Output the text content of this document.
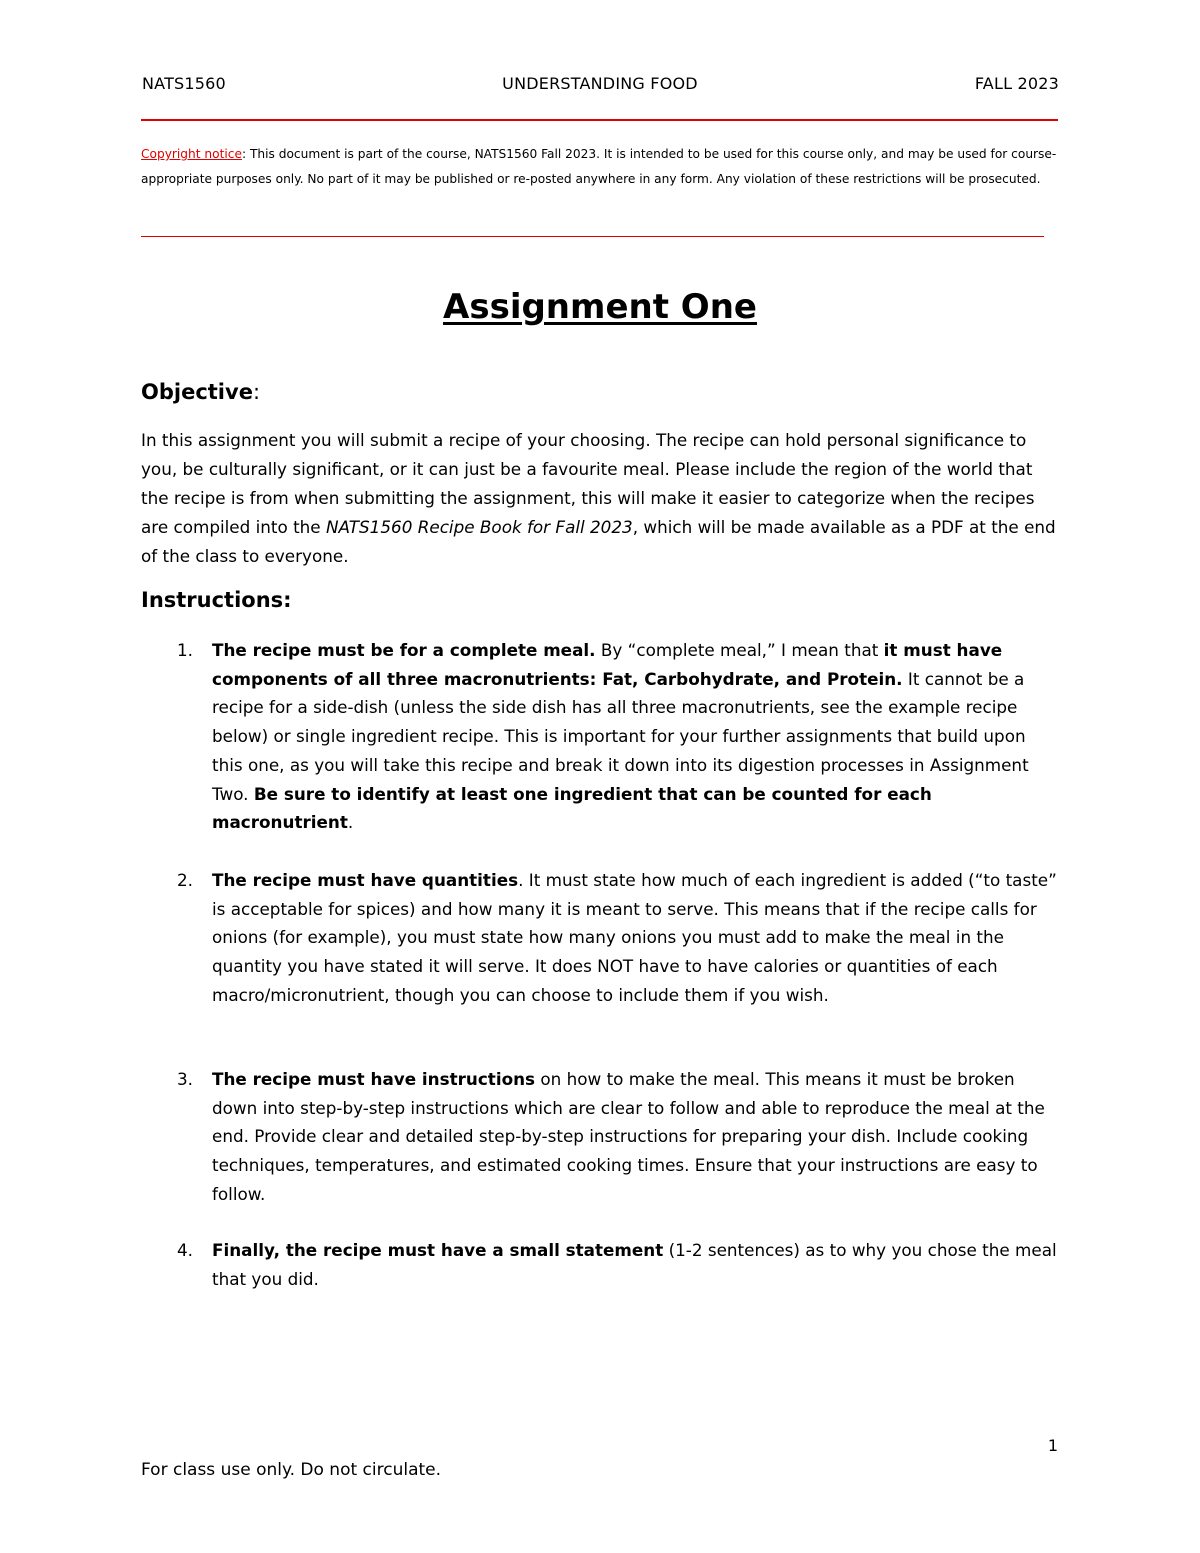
UNDERSTANDING FOOD
NATS1560	FALL 2023
Copyright notice: This document is part of the course, NATS1560 Fall 2023. It is intended to be used for this course only, and may be used for course-appropriate purposes only. No part of it may be published or re-posted anywhere in any form. Any violation of these restrictions will be prosecuted.
Assignment One
Objective:
In this assignment you will submit a recipe of your choosing. The recipe can hold personal significance to you, be culturally significant, or it can just be a favourite meal. Please include the region of the world that the recipe is from when submitting the assignment, this will make it easier to categorize when the recipes are compiled into the NATS1560 Recipe Book for Fall 2023, which will be made available as a PDF at the end of the class to everyone.
Instructions:
1. The recipe must be for a complete meal. By “complete meal,” I mean that it must have components of all three macronutrients: Fat, Carbohydrate, and Protein. It cannot be a recipe for a side-dish (unless the side dish has all three macronutrients, see the example recipe below) or single ingredient recipe. This is important for your further assignments that build upon this one, as you will take this recipe and break it down into its digestion processes in Assignment Two. Be sure to identify at least one ingredient that can be counted for each macronutrient.
2. The recipe must have quantities. It must state how much of each ingredient is added (“to taste” is acceptable for spices) and how many it is meant to serve. This means that if the recipe calls for onions (for example), you must state how many onions you must add to make the meal in the quantity you have stated it will serve. It does NOT have to have calories or quantities of each macro/micronutrient, though you can choose to include them if you wish.
3. The recipe must have instructions on how to make the meal. This means it must be broken down into step-by-step instructions which are clear to follow and able to reproduce the meal at the end. Provide clear and detailed step-by-step instructions for preparing your dish. Include cooking techniques, temperatures, and estimated cooking times. Ensure that your instructions are easy to follow.
4. Finally, the recipe must have a small statement (1-2 sentences) as to why you chose the meal that you did.
1
For class use only. Do not circulate.
